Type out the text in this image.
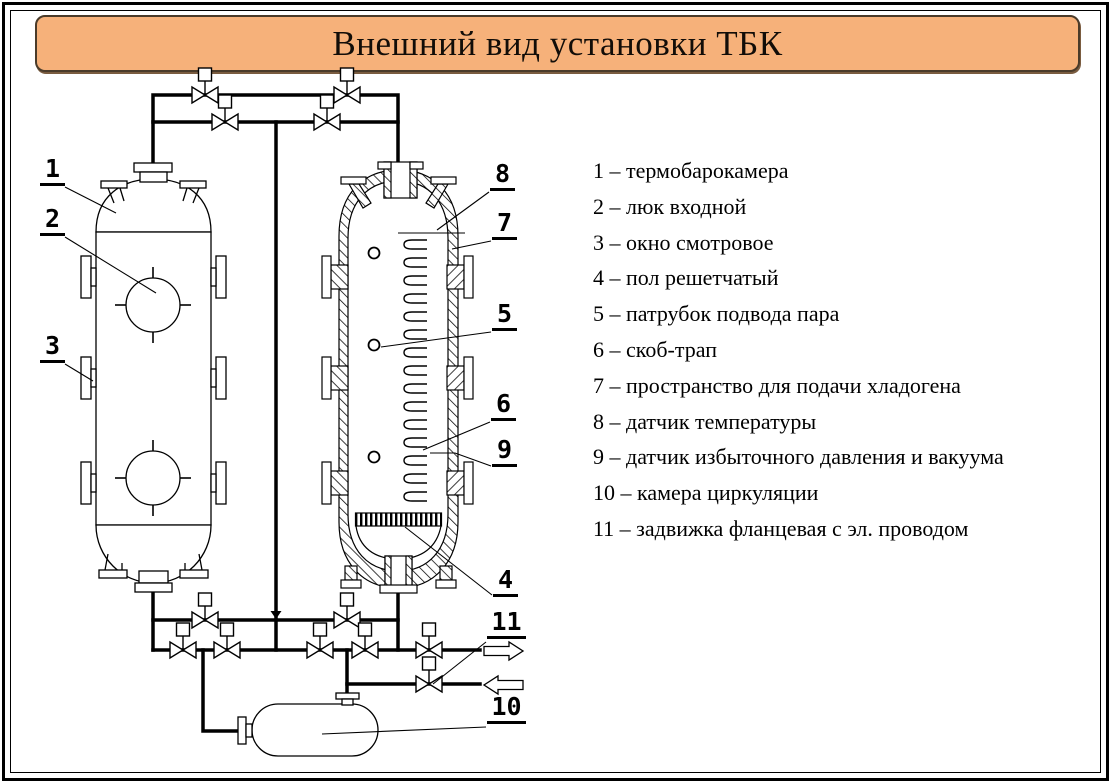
Внешний вид установки ТБК
1
2
3
4
5
6
7
8
9
10
11
1 – термобарокамера
2 – люк входной
3 – окно смотровое
4 – пол решетчатый
5 – патрубок подвода пара
6 – скоб-трап
7 – пространство для подачи хладогена
8 – датчик температуры
9 – датчик избыточного давления и вакуума
10 – камера циркуляции
11 – задвижка фланцевая с эл. проводом
